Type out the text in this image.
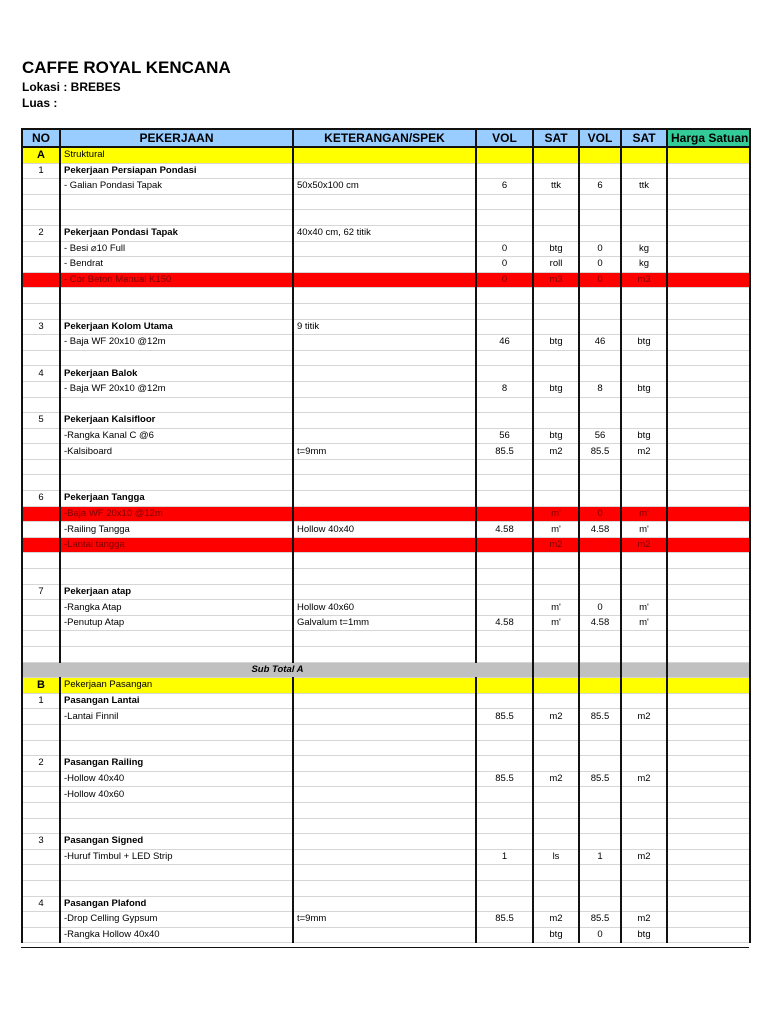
CAFFE ROYAL KENCANA
Lokasi : BREBES
Luas :
NO	PEKERJAAN	KETERANGAN/SPEK	VOL	SAT	VOL	SAT	Harga Satuan
A	Struktural						
1	Pekerjaan Persiapan Pondasi						
	- Galian Pondasi Tapak	50x50x100 cm	6	ttk	6	ttk	

2	Pekerjaan Pondasi Tapak	40x40 cm, 62 titik					
	- Besi ⌀10 Full		0	btg	0	kg	
	- Bendrat		0	roll	0	kg	
	- Cor Beton Manual K150		0	m3	0	m3	

3	Pekerjaan Kolom Utama	9 titik					
	- Baja WF 20x10 @12m		46	btg	46	btg	

4	Pekerjaan Balok						
	- Baja WF 20x10 @12m		8	btg	8	btg	

5	Pekerjaan Kalsifloor						
	-Rangka Kanal C @6		56	btg	56	btg	
	-Kalsiboard	t=9mm	85.5	m2	85.5	m2	

6	Pekerjaan Tangga						
	-Baja WF 20x10 @12m			m'	0	m'	
	-Railing Tangga	Hollow 40x40	4.58	m'	4.58	m'	
	-Lantai tangga			m2		m2	

7	Pekerjaan atap						
	-Rangka Atap	Hollow 40x60		m'	0	m'	
	-Penutup Atap	Galvalum t=1mm	4.58	m'	4.58	m'	

Sub Total A							
B	Pekerjaan Pasangan						
1	Pasangan Lantai						
	-Lantai Finnil		85.5	m2	85.5	m2	

2	Pasangan Railing						
	-Hollow 40x40		85.5	m2	85.5	m2	
	-Hollow 40x60						

3	Pasangan Signed						
	-Huruf Timbul + LED Strip		1	ls	1	m2	

4	Pasangan Plafond						
	-Drop Celling Gypsum	t=9mm	85.5	m2	85.5	m2	
	-Rangka Hollow 40x40			btg	0	btg	
